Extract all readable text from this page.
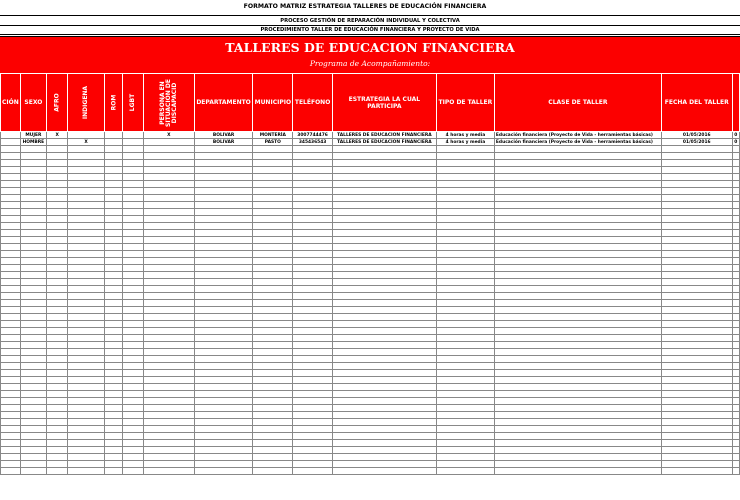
FORMATO MATRIZ ESTRATEGIA TALLERES DE EDUCACIÓN FINANCIERA
PROCESO GESTIÓN DE REPARACIÓN INDIVIDUAL Y COLECTIVA
PROCEDIMIENTO TALLER DE EDUCACIÓN FINANCIERA Y PROYECTO DE VIDA
TALLERES DE EDUCACION FINANCIERA
Programa de Acompañamiento:
CIÓN	SEXO	AFRO	INDIGENA	ROM	LGBT	PERSONA EN SITUACIÓN DE DISCAPACID	DEPARTAMENTO	MUNICIPIO	TELÉFONO	ESTRATEGIA LA CUAL PARTICIPA	TIPO DE TALLER	CLASE DE TALLER	FECHA DEL TALLER	
	MUJER	X				X	BOLIVAR	MONTERÍA	3007744476	TALLERES DE EDUCACION FINANCIERA	4 horas y media	Educación financiera (Proyecto de Vida - herramientas básicas)	01/05/2016	0
	HOMBRE		X				BOLIVAR	PASTO	345436543	TALLERES DE EDUCACION FINANCIERA	4 horas y media	Educación financiera (Proyecto de Vida - herramientas básicas)	01/05/2016	0
